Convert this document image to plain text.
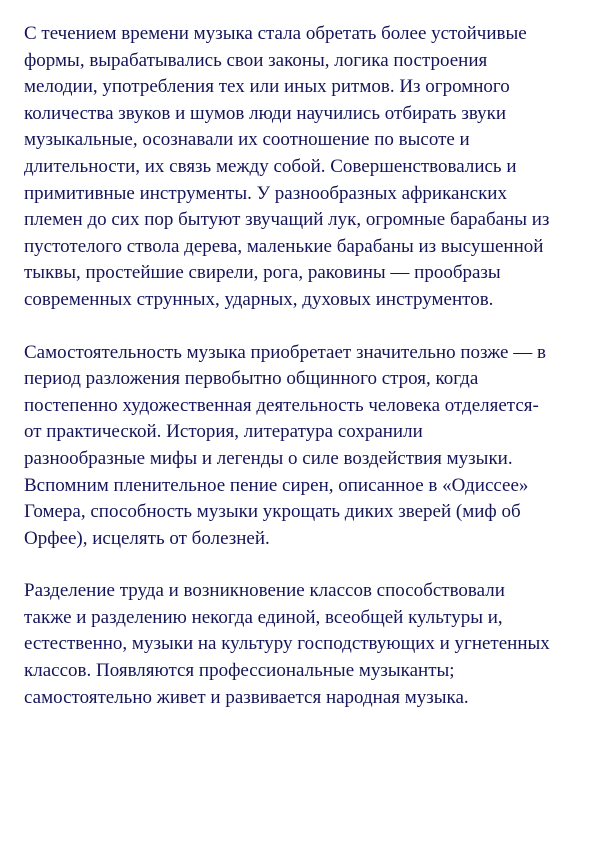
С течением времени музыка стала обретать более устойчивые
формы, вырабатывались свои законы, логика построения
мелодии, употребления тех или иных ритмов. Из огромного
количества звуков и шумов люди научились отбирать звуки
музыкальные, осознавали их соотношение по высоте и
длительности, их связь между собой. Совершенствовались и
примитивные инструменты. У разнообразных африканских
племен до сих пор бытуют звучащий лук, огромные барабаны из
пустотелого ствола дерева, маленькие барабаны из высушенной
тыквы, простейшие свирели, рога, раковины — прообразы
современных струнных, ударных, духовых инструментов.

Самостоятельность музыка приобретает значительно позже — в
период разложения первобытно общинного строя, когда
постепенно художественная деятельность человека отделяется-
от практической. История, литература сохранили
разнообразные мифы и легенды о силе воздействия музыки.
Вспомним пленительное пение сирен, описанное в «Одиссее»
Гомера, способность музыки укрощать диких зверей (миф об
Орфее), исцелять от болезней.

Разделение труда и возникновение классов способствовали
также и разделению некогда единой, всеобщей культуры и,
естественно, музыки на культуру господствующих и угнетенных
классов. Появляются профессиональные музыканты;
самостоятельно живет и развивается народная музыка.
